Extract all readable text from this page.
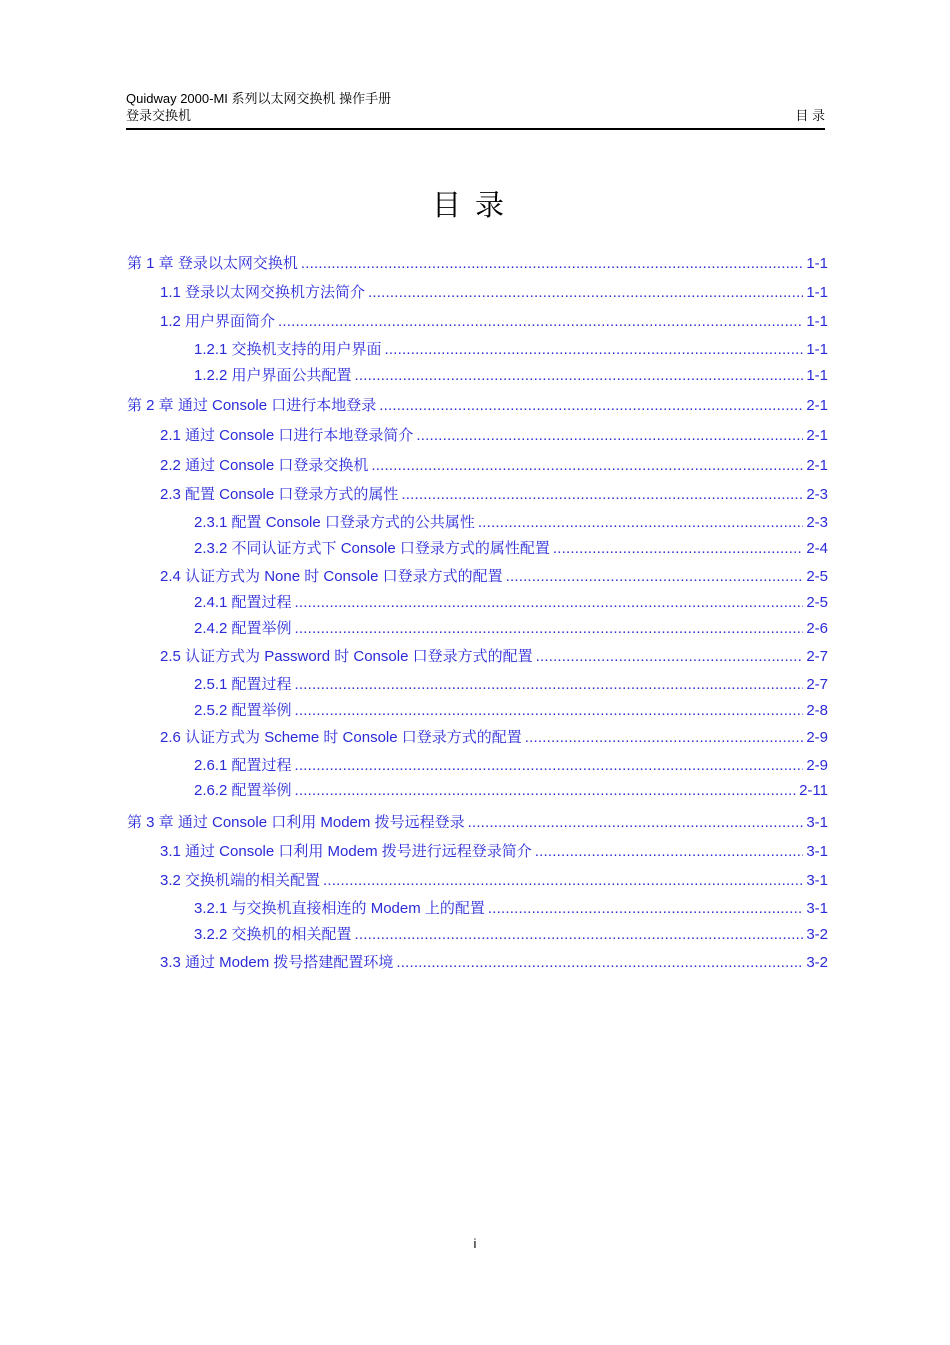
Quidway 2000-MI 系列以太网交换机 操作手册
登录交换机	目 录
目录
第 1 章 登录以太网交换机 .....	1-1
1.1 登录以太网交换机方法简介 .....	1-1
1.2 用户界面简介 .....	1-1
1.2.1 交换机支持的用户界面 .....	1-1
1.2.2 用户界面公共配置 .....	1-1
第 2 章 通过 Console 口进行本地登录 .....	2-1
2.1 通过 Console 口进行本地登录简介 .....	2-1
2.2 通过 Console 口登录交换机 .....	2-1
2.3 配置 Console 口登录方式的属性 .....	2-3
2.3.1 配置 Console 口登录方式的公共属性 .....	2-3
2.3.2 不同认证方式下 Console 口登录方式的属性配置 .....	2-4
2.4 认证方式为 None 时 Console 口登录方式的配置 .....	2-5
2.4.1 配置过程 .....	2-5
2.4.2 配置举例 .....	2-6
2.5 认证方式为 Password 时 Console 口登录方式的配置 .....	2-7
2.5.1 配置过程 .....	2-7
2.5.2 配置举例 .....	2-8
2.6 认证方式为 Scheme 时 Console 口登录方式的配置 .....	2-9
2.6.1 配置过程 .....	2-9
2.6.2 配置举例 .....	2-11
第 3 章 通过 Console 口利用 Modem 拨号远程登录 .....	3-1
3.1 通过 Console 口利用 Modem 拨号进行远程登录简介 .....	3-1
3.2 交换机端的相关配置 .....	3-1
3.2.1 与交换机直接相连的 Modem 上的配置 .....	3-1
3.2.2 交换机的相关配置 .....	3-2
3.3 通过 Modem 拨号搭建配置环境 .....	3-2
i
